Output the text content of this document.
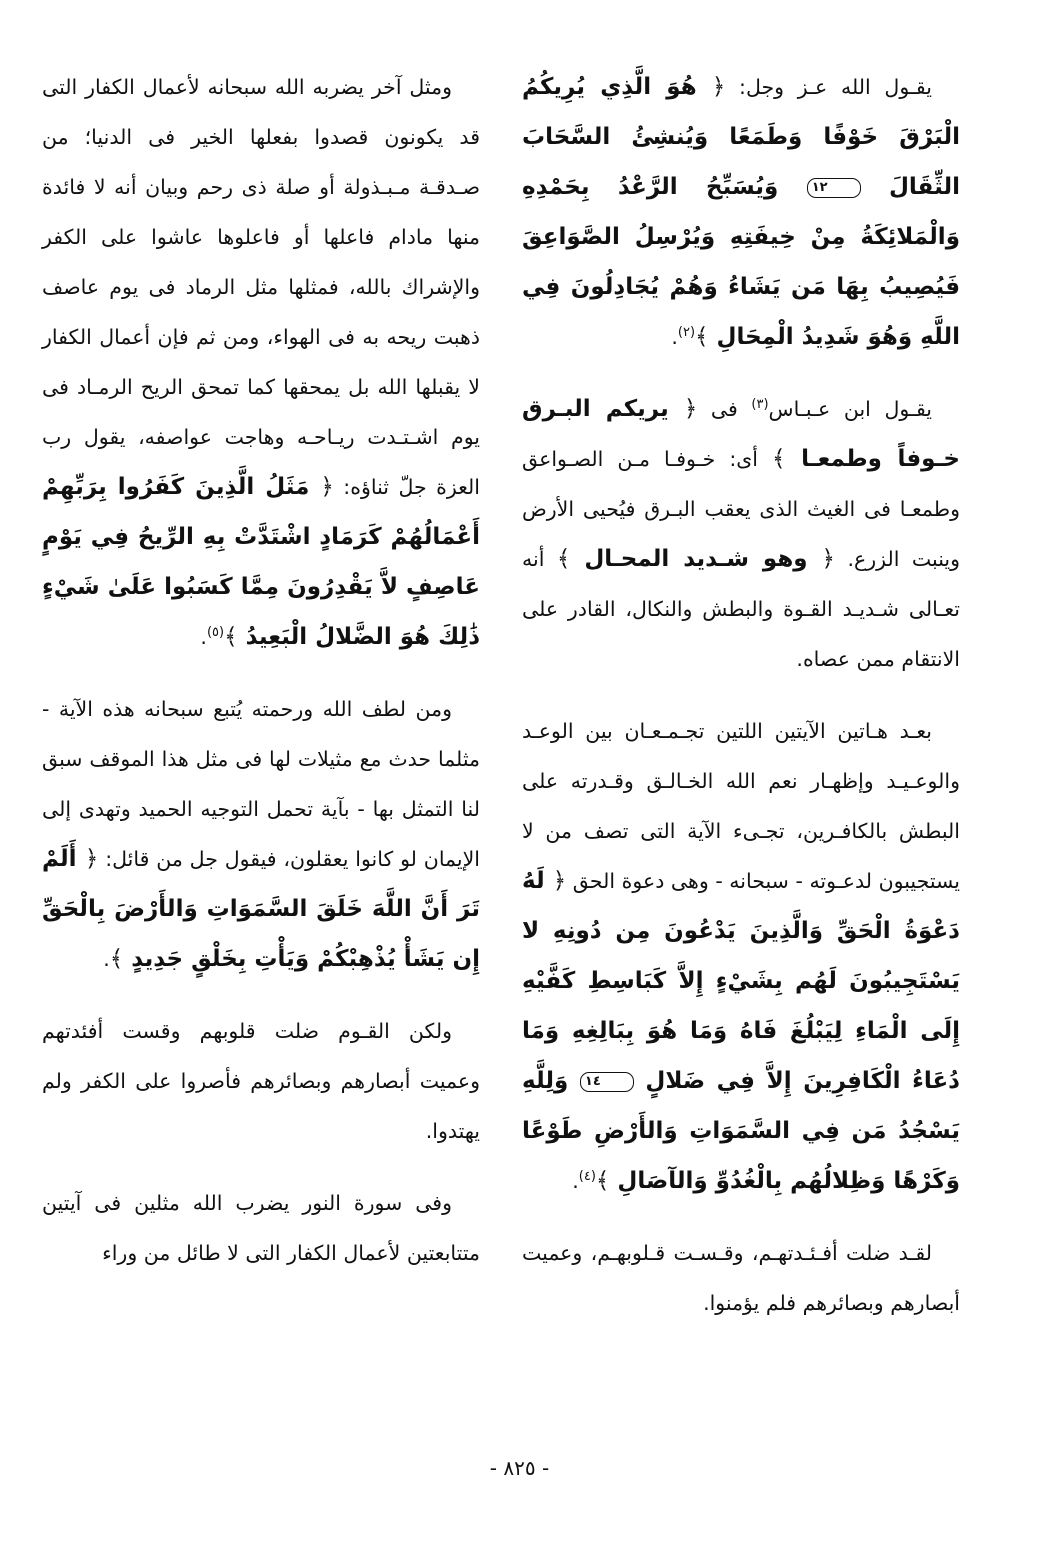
يقـول الله عـز وجل: ﴿ هُوَ الَّذِي يُرِيكُمُ الْبَرْقَ خَوْفًا وَطَمَعًا وَيُنشِئُ السَّحَابَ الثِّقَالَ ١٢ وَيُسَبِّحُ الرَّعْدُ بِحَمْدِهِ وَالْمَلائِكَةُ مِنْ خِيفَتِهِ وَيُرْسِلُ الصَّوَاعِقَ فَيُصِيبُ بِهَا مَن يَشَاءُ وَهُمْ يُجَادِلُونَ فِي اللَّهِ وَهُوَ شَدِيدُ الْمِحَالِ ﴾$^{(٢)}$.

يقـول ابن عـبـاس$^{(٣)}$ فى ﴿ يريكم البـرق خـوفاً وطمعـا ﴾ أى: خـوفـا مـن الصـواعق وطمعـا فى الغيث الذى يعقب البـرق فيُحيى الأرض وينبت الزرع. ﴿ وهو شـديد المحـال ﴾ أنه تعـالى شـديـد القـوة والبطش والنكال، القادر على الانتقام ممن عصاه.

بعـد هـاتين الآيتين اللتين تجـمـعـان بين الوعـد والوعـيـد وإظهـار نعم الله الخـالـق وقـدرته على البطش بالكافـرين، تجـىء الآية التى تصف من لا يستجيبون لدعـوته - سبحانه - وهى دعوة الحق ﴿ لَهُ دَعْوَةُ الْحَقِّ وَالَّذِينَ يَدْعُونَ مِن دُونِهِ لا يَسْتَجِيبُونَ لَهُم بِشَيْءٍ إِلاَّ كَبَاسِطِ كَفَّيْهِ إِلَى الْمَاءِ لِيَبْلُغَ فَاهُ وَمَا هُوَ بِبَالِغِهِ وَمَا دُعَاءُ الْكَافِرِينَ إِلاَّ فِي ضَلالٍ ١٤ وَلِلَّهِ يَسْجُدُ مَن فِي السَّمَوَاتِ وَالأَرْضِ طَوْعًا وَكَرْهًا وَظِلالُهُم بِالْغُدُوِّ وَالآصَالِ ﴾$^{(٤)}$.

لقـد ضلت أفـئـدتهـم، وقـسـت قـلوبهـم، وعميت أبصارهم وبصائرهم فلم يؤمنوا.

ومثل آخر يضربه الله سبحانه لأعمال الكفار التى قد يكونون قصدوا بفعلها الخير فى الدنيا؛ من صـدقـة مـبـذولة أو صلة ذى رحم وبيان أنه لا فائدة منها مادام فاعلها أو فاعلوها عاشوا على الكفر والإشراك بالله، فمثلها مثل الرماد فى يوم عاصف ذهبت ريحه به فى الهواء، ومن ثم فإن أعمال الكفار لا يقبلها الله بل يمحقها كما تمحق الريح الرمـاد فى يوم اشـتـدت ريـاحـه وهاجت عواصفه، يقول رب العزة جلّ ثناؤه: ﴿ مَثَلُ الَّذِينَ كَفَرُوا بِرَبِّهِمْ أَعْمَالُهُمْ كَرَمَادٍ اشْتَدَّتْ بِهِ الرِّيحُ فِي يَوْمٍ عَاصِفٍ لاَّ يَقْدِرُونَ مِمَّا كَسَبُوا عَلَىٰ شَيْءٍ ذَٰلِكَ هُوَ الضَّلالُ الْبَعِيدُ ﴾$^{(٥)}$.

ومن لطف الله ورحمته يُتبع سبحانه هذه الآية - مثلما حدث مع مثيلات لها فى مثل هذا الموقف سبق لنا التمثل بها - بآية تحمل التوجيه الحميد وتهدى إلى الإيمان لو كانوا يعقلون، فيقول جل من قائل: ﴿ أَلَمْ تَرَ أَنَّ اللَّهَ خَلَقَ السَّمَوَاتِ وَالأَرْضَ بِالْحَقِّ إِن يَشَأْ يُذْهِبْكُمْ وَيَأْتِ بِخَلْقٍ جَدِيدٍ ﴾.

ولكن القـوم ضلت قلوبهم وقست أفئدتهم وعميت أبصارهم وبصائرهم فأصروا على الكفر ولم يهتدوا.

وفى سورة النور يضرب الله مثلين فى آيتين متتابعتين لأعمال الكفار التى لا طائل من وراء

- ٨٢٥ -
